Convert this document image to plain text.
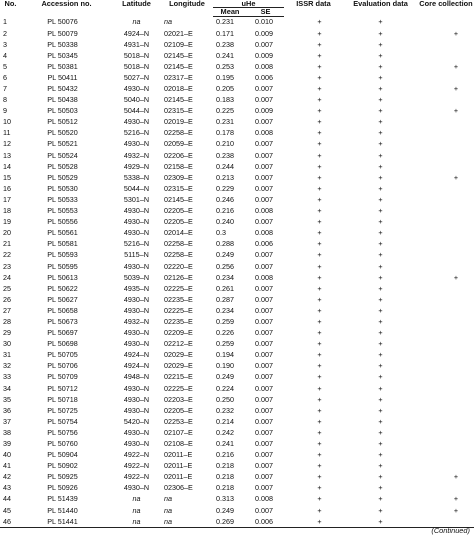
No.	Accession no.	Latitude	Longitude	uHe		ISSR data	Evaluation data	Core collection
				Mean	SE			
1	PL 50076	na	na	0.231	0.010	+	+	
2	PL 50079	4924–N	02021–E	0.171	0.009	+	+	+
3	PL 50338	4931–N	02109–E	0.238	0.007	+	+	
4	PL 50345	5018–N	02145–E	0.241	0.009	+	+	
5	PL 50381	5018–N	02145–E	0.253	0.008	+	+	+
6	PL 50411	5027–N	02317–E	0.195	0.006	+	+	
7	PL 50432	4930–N	02018–E	0.205	0.007	+	+	+
8	PL 50438	5040–N	02145–E	0.183	0.007	+	+	
9	PL 50503	5044–N	02315–E	0.225	0.009	+	+	+
10	PL 50512	4930–N	02019–E	0.231	0.007	+	+	
11	PL 50520	5216–N	02258–E	0.178	0.008	+	+	
12	PL 50521	4930–N	02059–E	0.210	0.007	+	+	
13	PL 50524	4932–N	02206–E	0.238	0.007	+	+	
14	PL 50528	4929–N	02158–E	0.244	0.007	+	+	
15	PL 50529	5338–N	02309–E	0.213	0.007	+	+	+
16	PL 50530	5044–N	02315–E	0.229	0.007	+	+	
17	PL 50533	5301–N	02145–E	0.246	0.007	+	+	
18	PL 50553	4930–N	02205–E	0.216	0.008	+	+	
19	PL 50556	4930–N	02205–E	0.240	0.007	+	+	
20	PL 50561	4930–N	02014–E	0.3	0.008	+	+	
21	PL 50581	5216–N	02258–E	0.288	0.006	+	+	
22	PL 50593	5115–N	02258–E	0.249	0.007	+	+	
23	PL 50595	4930–N	02220–E	0.256	0.007	+	+	
24	PL 50613	5039–N	02126–E	0.234	0.008	+	+	+
25	PL 50622	4935–N	02225–E	0.261	0.007	+	+	
26	PL 50627	4930–N	02235–E	0.287	0.007	+	+	
27	PL 50658	4930–N	02225–E	0.234	0.007	+	+	
28	PL 50673	4932–N	02235–E	0.259	0.007	+	+	
29	PL 50697	4930–N	02209–E	0.226	0.007	+	+	
30	PL 50698	4930–N	02212–E	0.259	0.007	+	+	
31	PL 50705	4924–N	02029–E	0.194	0.007	+	+	
32	PL 50706	4924–N	02029–E	0.190	0.007	+	+	
33	PL 50709	4948–N	02215–E	0.249	0.007	+	+	
34	PL 50712	4930–N	02225–E	0.224	0.007	+	+	
35	PL 50718	4930–N	02203–E	0.250	0.007	+	+	
36	PL 50725	4930–N	02205–E	0.232	0.007	+	+	
37	PL 50754	5420–N	02253–E	0.214	0.007	+	+	
38	PL 50756	4930–N	02107–E	0.242	0.007	+	+	
39	PL 50760	4930–N	02108–E	0.241	0.007	+	+	
40	PL 50904	4922–N	02011–E	0.216	0.007	+	+	
41	PL 50902	4922–N	02011–E	0.218	0.007	+	+	
42	PL 50925	4922–N	02011–E	0.218	0.007	+	+	+
43	PL 50926	4930–N	02306–E	0.218	0.007	+	+	
44	PL 51439	na	na	0.313	0.008	+	+	+
45	PL 51440	na	na	0.249	0.007	+	+	+
46	PL 51441	na	na	0.269	0.006	+	+	
(Continued)
